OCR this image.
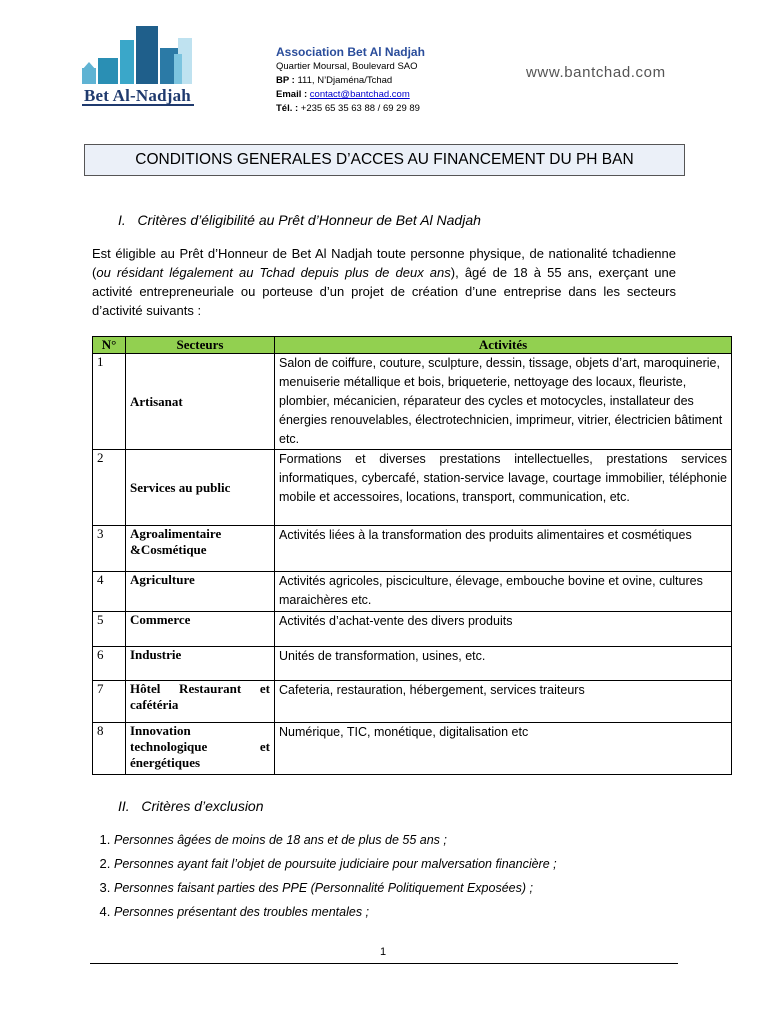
Bet Al-Nadjah
Association Bet Al Nadjah
Quartier Moursal, Boulevard SAO
BP : 111, N’Djaména/Tchad
Email : contact@bantchad.com
Tél. : +235 65 35 63 88 / 69 29 89
www.bantchad.com
CONDITIONS GENERALES D’ACCES AU FINANCEMENT DU PH BAN
I.   Critères d’éligibilité au Prêt d’Honneur de Bet Al Nadjah
Est éligible au Prêt d’Honneur de Bet Al Nadjah toute personne physique, de nationalité tchadienne (ou résidant légalement au Tchad depuis plus de deux ans), âgé de 18 à 55 ans, exerçant une activité entrepreneuriale ou porteuse d’un projet de création d’une entreprise dans les secteurs d’activité suivants :
N°	Secteurs	Activités
1	Artisanat	Salon de coiffure, couture, sculpture, dessin, tissage, objets d’art, maroquinerie, menuiserie métallique et bois, briqueterie, nettoyage des locaux, fleuriste, plombier, mécanicien, réparateur des cycles et motocycles, installateur des énergies renouvelables, électrotechnicien, imprimeur, vitrier, électricien bâtiment etc.
2	Services au public	Formations et diverses prestations intellectuelles, prestations services informatiques, cybercafé, station-service lavage, courtage immobilier, téléphonie mobile et accessoires, locations, transport, communication, etc.
3	Agroalimentaire &Cosmétique	Activités liées à la transformation des produits alimentaires et cosmétiques
4	Agriculture	Activités agricoles, pisciculture, élevage, embouche bovine et ovine, cultures maraichères etc.
5	Commerce	Activités d’achat-vente des divers produits
6	Industrie	Unités de transformation, usines, etc.
7	Hôtel Restaurant et cafétéria	Cafeteria, restauration, hébergement, services traiteurs
8	Innovation technologique et énergétiques	Numérique, TIC, monétique, digitalisation etc
II.   Critères d’exclusion
1. Personnes âgées de moins de 18 ans et de plus de 55 ans ;
2. Personnes ayant fait l’objet de poursuite judiciaire pour malversation financière ;
3. Personnes faisant parties des PPE (Personnalité Politiquement Exposées) ;
4. Personnes présentant des troubles mentales ;
1
